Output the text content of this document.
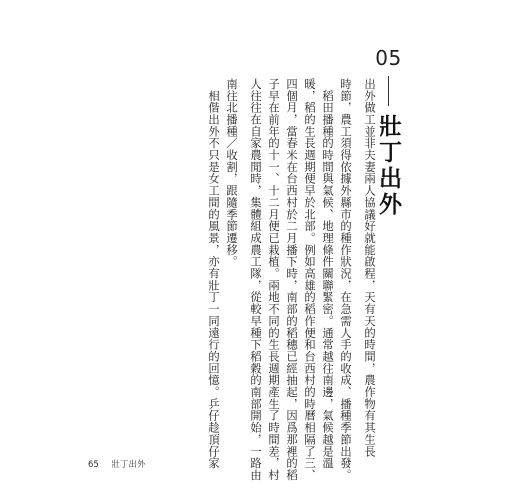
出外做工並非夫妻兩人協議好就能啟程，天有天的時間，農作物有其生長
時節，農工須得依據外縣市的種作狀況，在急需人手的收成、播種季節出發。
　稻田播種的時間與氣候、地理條件關聯緊密。通常越往南邊，氣候越是溫
暖，稻的生長週期便早於北部。例如高雄的稻作便和台西村的時曆相隔了三、
四個月，當春米在台西村於二月播下時，南部的稻穗已經抽起，因爲那裡的稻
子早在前年的十一、十二月便已栽植。兩地不同的生長週期產生了時間差，村
人往往在自家農閒時，集體組成農工隊，從較早種下稻穀的南部開始，一路由
南往北播種／收割，跟隨季節遷移。
　相偕出外不只是女工間的風景，亦有壯丁一同遠行的回憶。乒仔趁頂仔家
05
壯丁出外
65 壯丁出外
